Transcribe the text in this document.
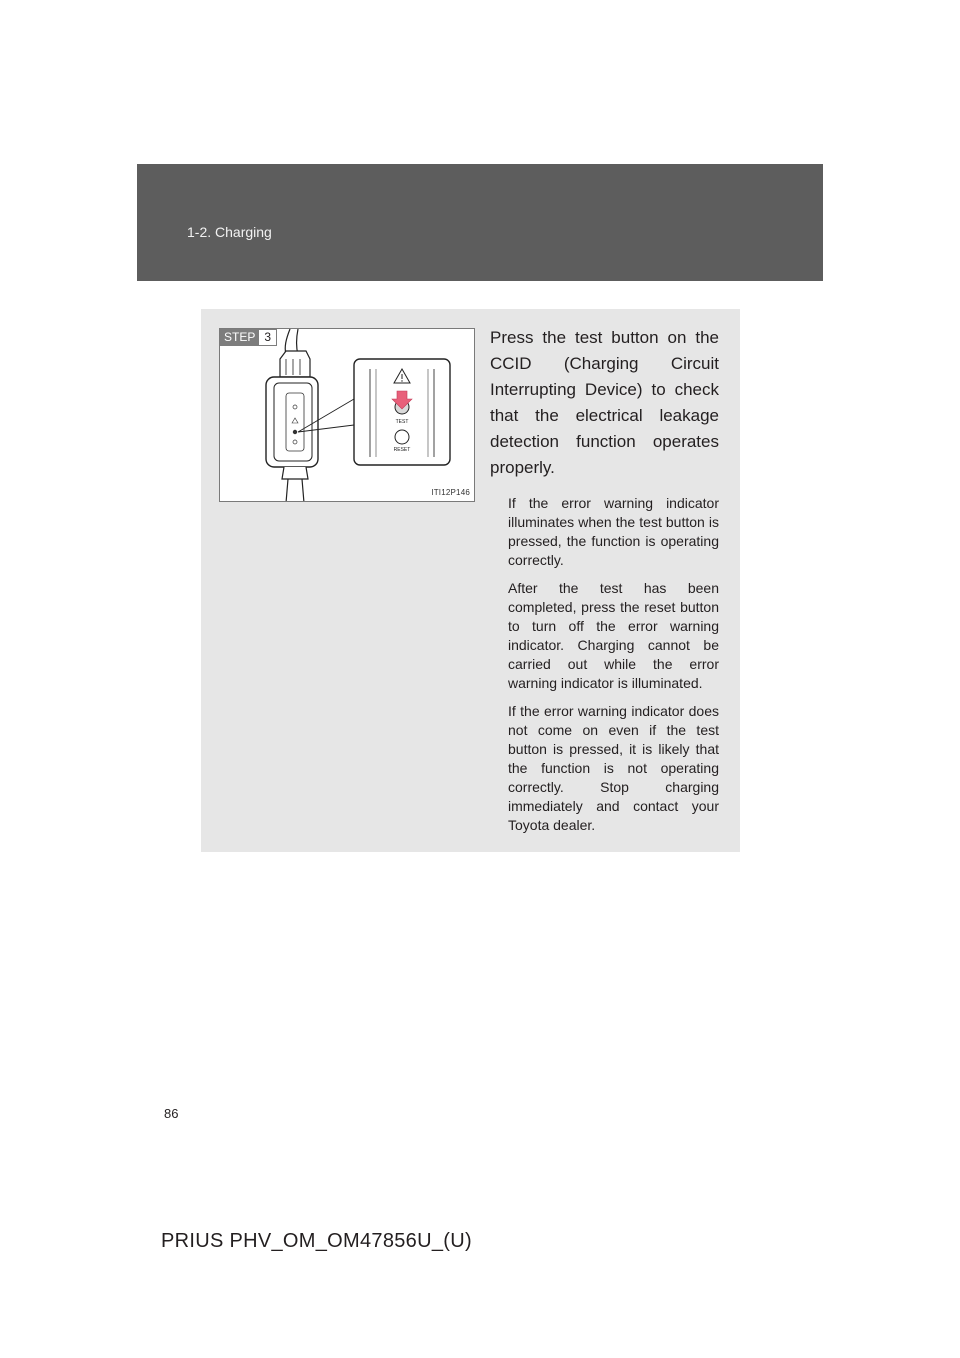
1-2. Charging
TEST
RESET
STEP 3
ITI12P146

Press the test button on the CCID (Charging Circuit Interrupting Device) to check that the electrical leakage detection function operates properly.

If the error warning indicator illuminates when the test button is pressed, the function is operating correctly.

After the test has been completed, press the reset button to turn off the error warning indicator. Charging cannot be carried out while the error warning indicator is illuminated.

If the error warning indicator does not come on even if the test button is pressed, it is likely that the function is not operating correctly. Stop charging immediately and contact your Toyota dealer.

86
PRIUS PHV_OM_OM47856U_(U)
